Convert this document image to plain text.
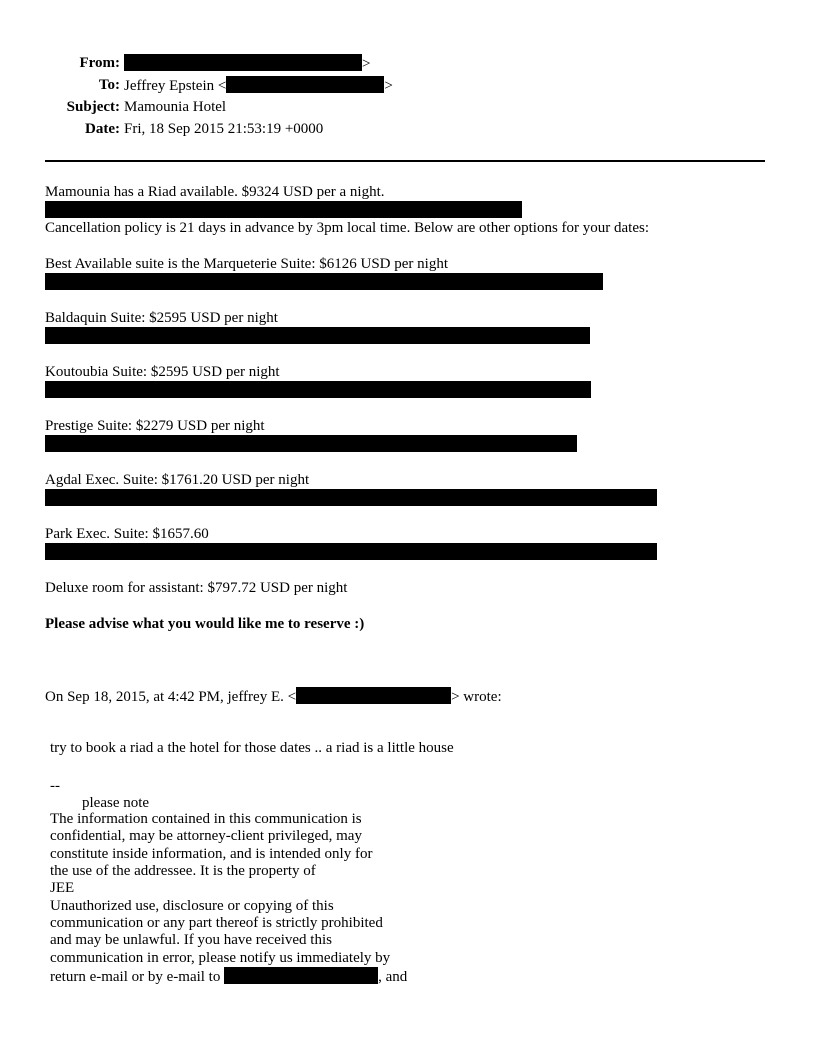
From:	>
To: Jeffrey Epstein <	>
Subject: Mamounia Hotel
Date: Fri, 18 Sep 2015 21:53:19 +0000
Mamounia has a Riad available. $9324 USD per a night.
Cancellation policy is 21 days in advance by 3pm local time. Below are other options for your dates:
Best Available suite is the Marqueterie Suite: $6126 USD per night
Baldaquin Suite: $2595 USD per night
Koutoubia Suite: $2595 USD per night
Prestige Suite: $2279 USD per night
Agdal Exec. Suite: $1761.20 USD per night
Park Exec. Suite: $1657.60
Deluxe room for assistant: $797.72 USD per night
Please advise what you would like me to reserve :)
On Sep 18, 2015, at 4:42 PM, jeffrey E. <	> wrote:
try to book a riad a the hotel for those dates .. a riad is a little house
--
please note
The information contained in this communication is
confidential, may be attorney-client privileged, may
constitute inside information, and is intended only for
the use of the addressee. It is the property of
JEE
Unauthorized use, disclosure or copying of this
communication or any part thereof is strictly prohibited
and may be unlawful. If you have received this
communication in error, please notify us immediately by
return e-mail or by e-mail to	, and
